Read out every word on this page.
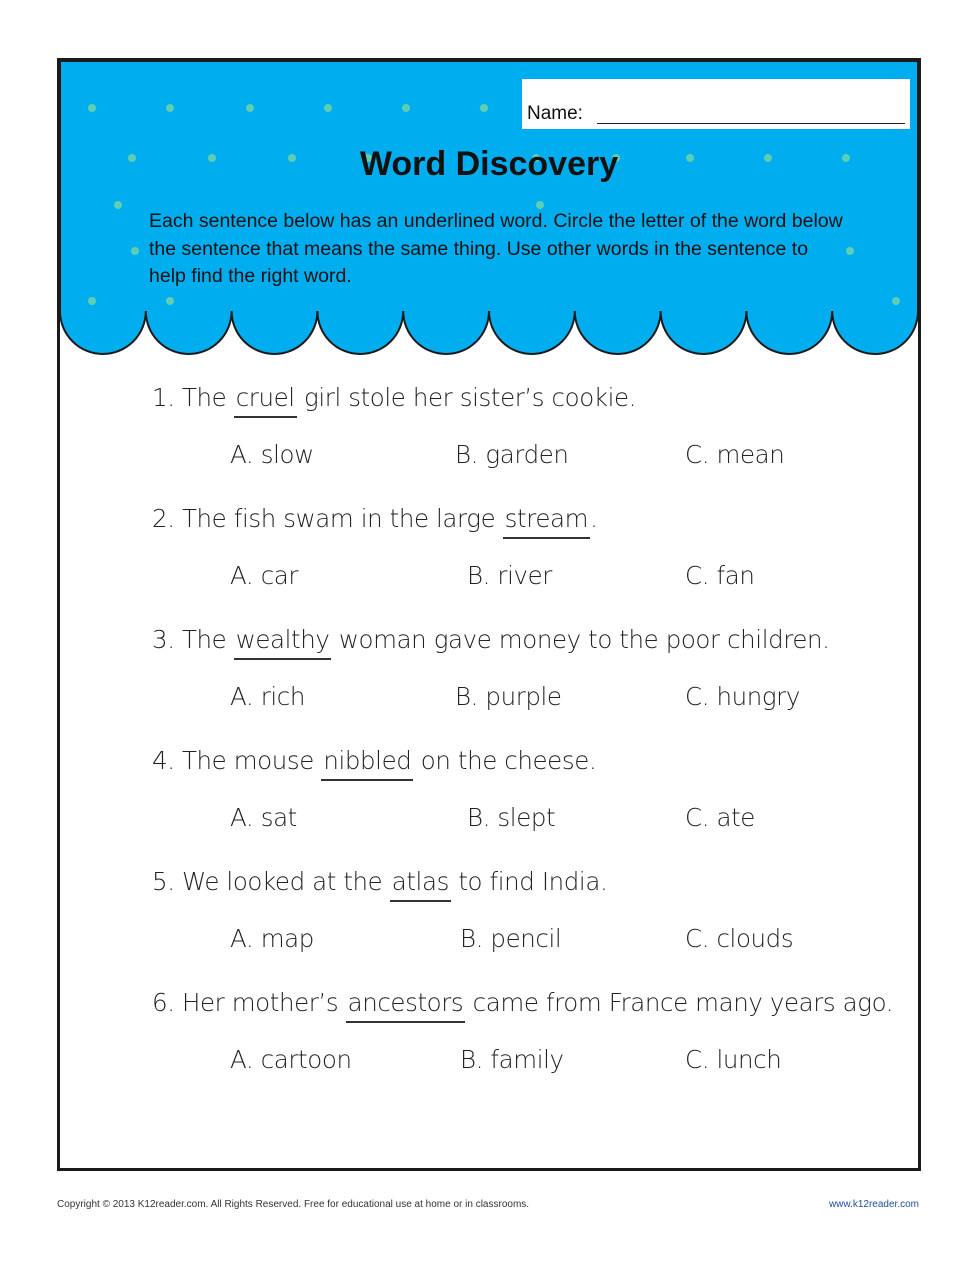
Name:
Word Discovery
Each sentence below has an underlined word. Circle the letter of the word below the sentence that means the same thing. Use other words in the sentence to help find the right word.
1. The cruel girl stole her sister’s cookie.
A. slow	B. garden	C. mean
2. The fish swam in the large stream.
A. car	B. river	C. fan
3. The wealthy woman gave money to the poor children.
A. rich	B. purple	C. hungry
4. The mouse nibbled on the cheese.
A. sat	B. slept	C. ate
5. We looked at the atlas to find India.
A. map	B. pencil	C. clouds
6. Her mother’s ancestors came from France many years ago.
A. cartoon	B. family	C. lunch
Copyright © 2013 K12reader.com. All Rights Reserved. Free for educational use at home or in classrooms.	www.k12reader.com
